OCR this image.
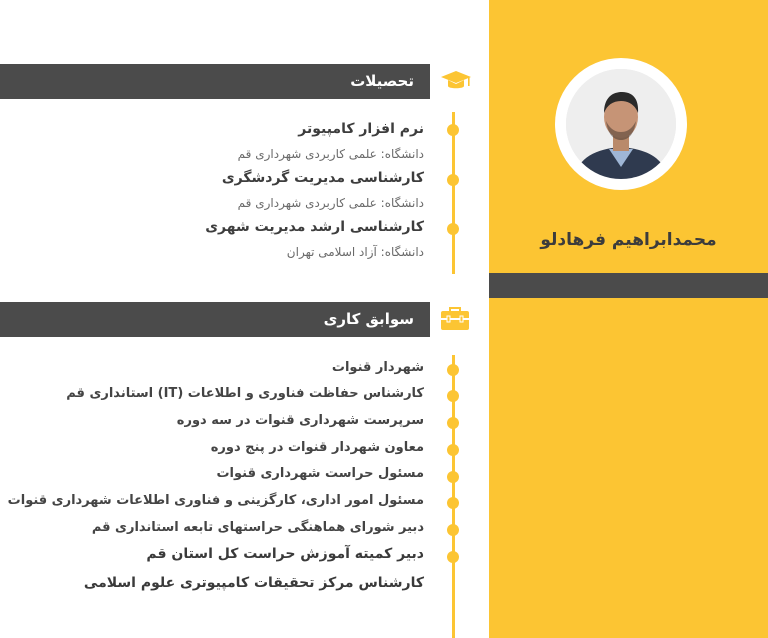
محمدابراهیم فرهادلو
تحصیلات
نرم افزار کامپیوتر
دانشگاه: علمی کاربردی شهرداری قم
کارشناسی مدیریت گردشگری
دانشگاه: علمی کاربردی شهرداری قم
کارشناسی ارشد مدیریت شهری
دانشگاه: آزاد اسلامی تهران
سوابق کاری
شهردار قنوات
کارشناس حفاظت فناوری و اطلاعات (IT) استانداری قم
سرپرست شهرداری قنوات در سه دوره
معاون شهردار قنوات در پنج دوره
مسئول حراست شهرداری قنوات
مسئول امور اداری، کارگزینی و فناوری اطلاعات شهرداری قنوات
دبیر شورای هماهنگی حراستهای تابعه استانداری قم
دبیر کمیته آموزش حراست کل استان قم
کارشناس مرکز تحقیقات کامپیوتری علوم اسلامی
